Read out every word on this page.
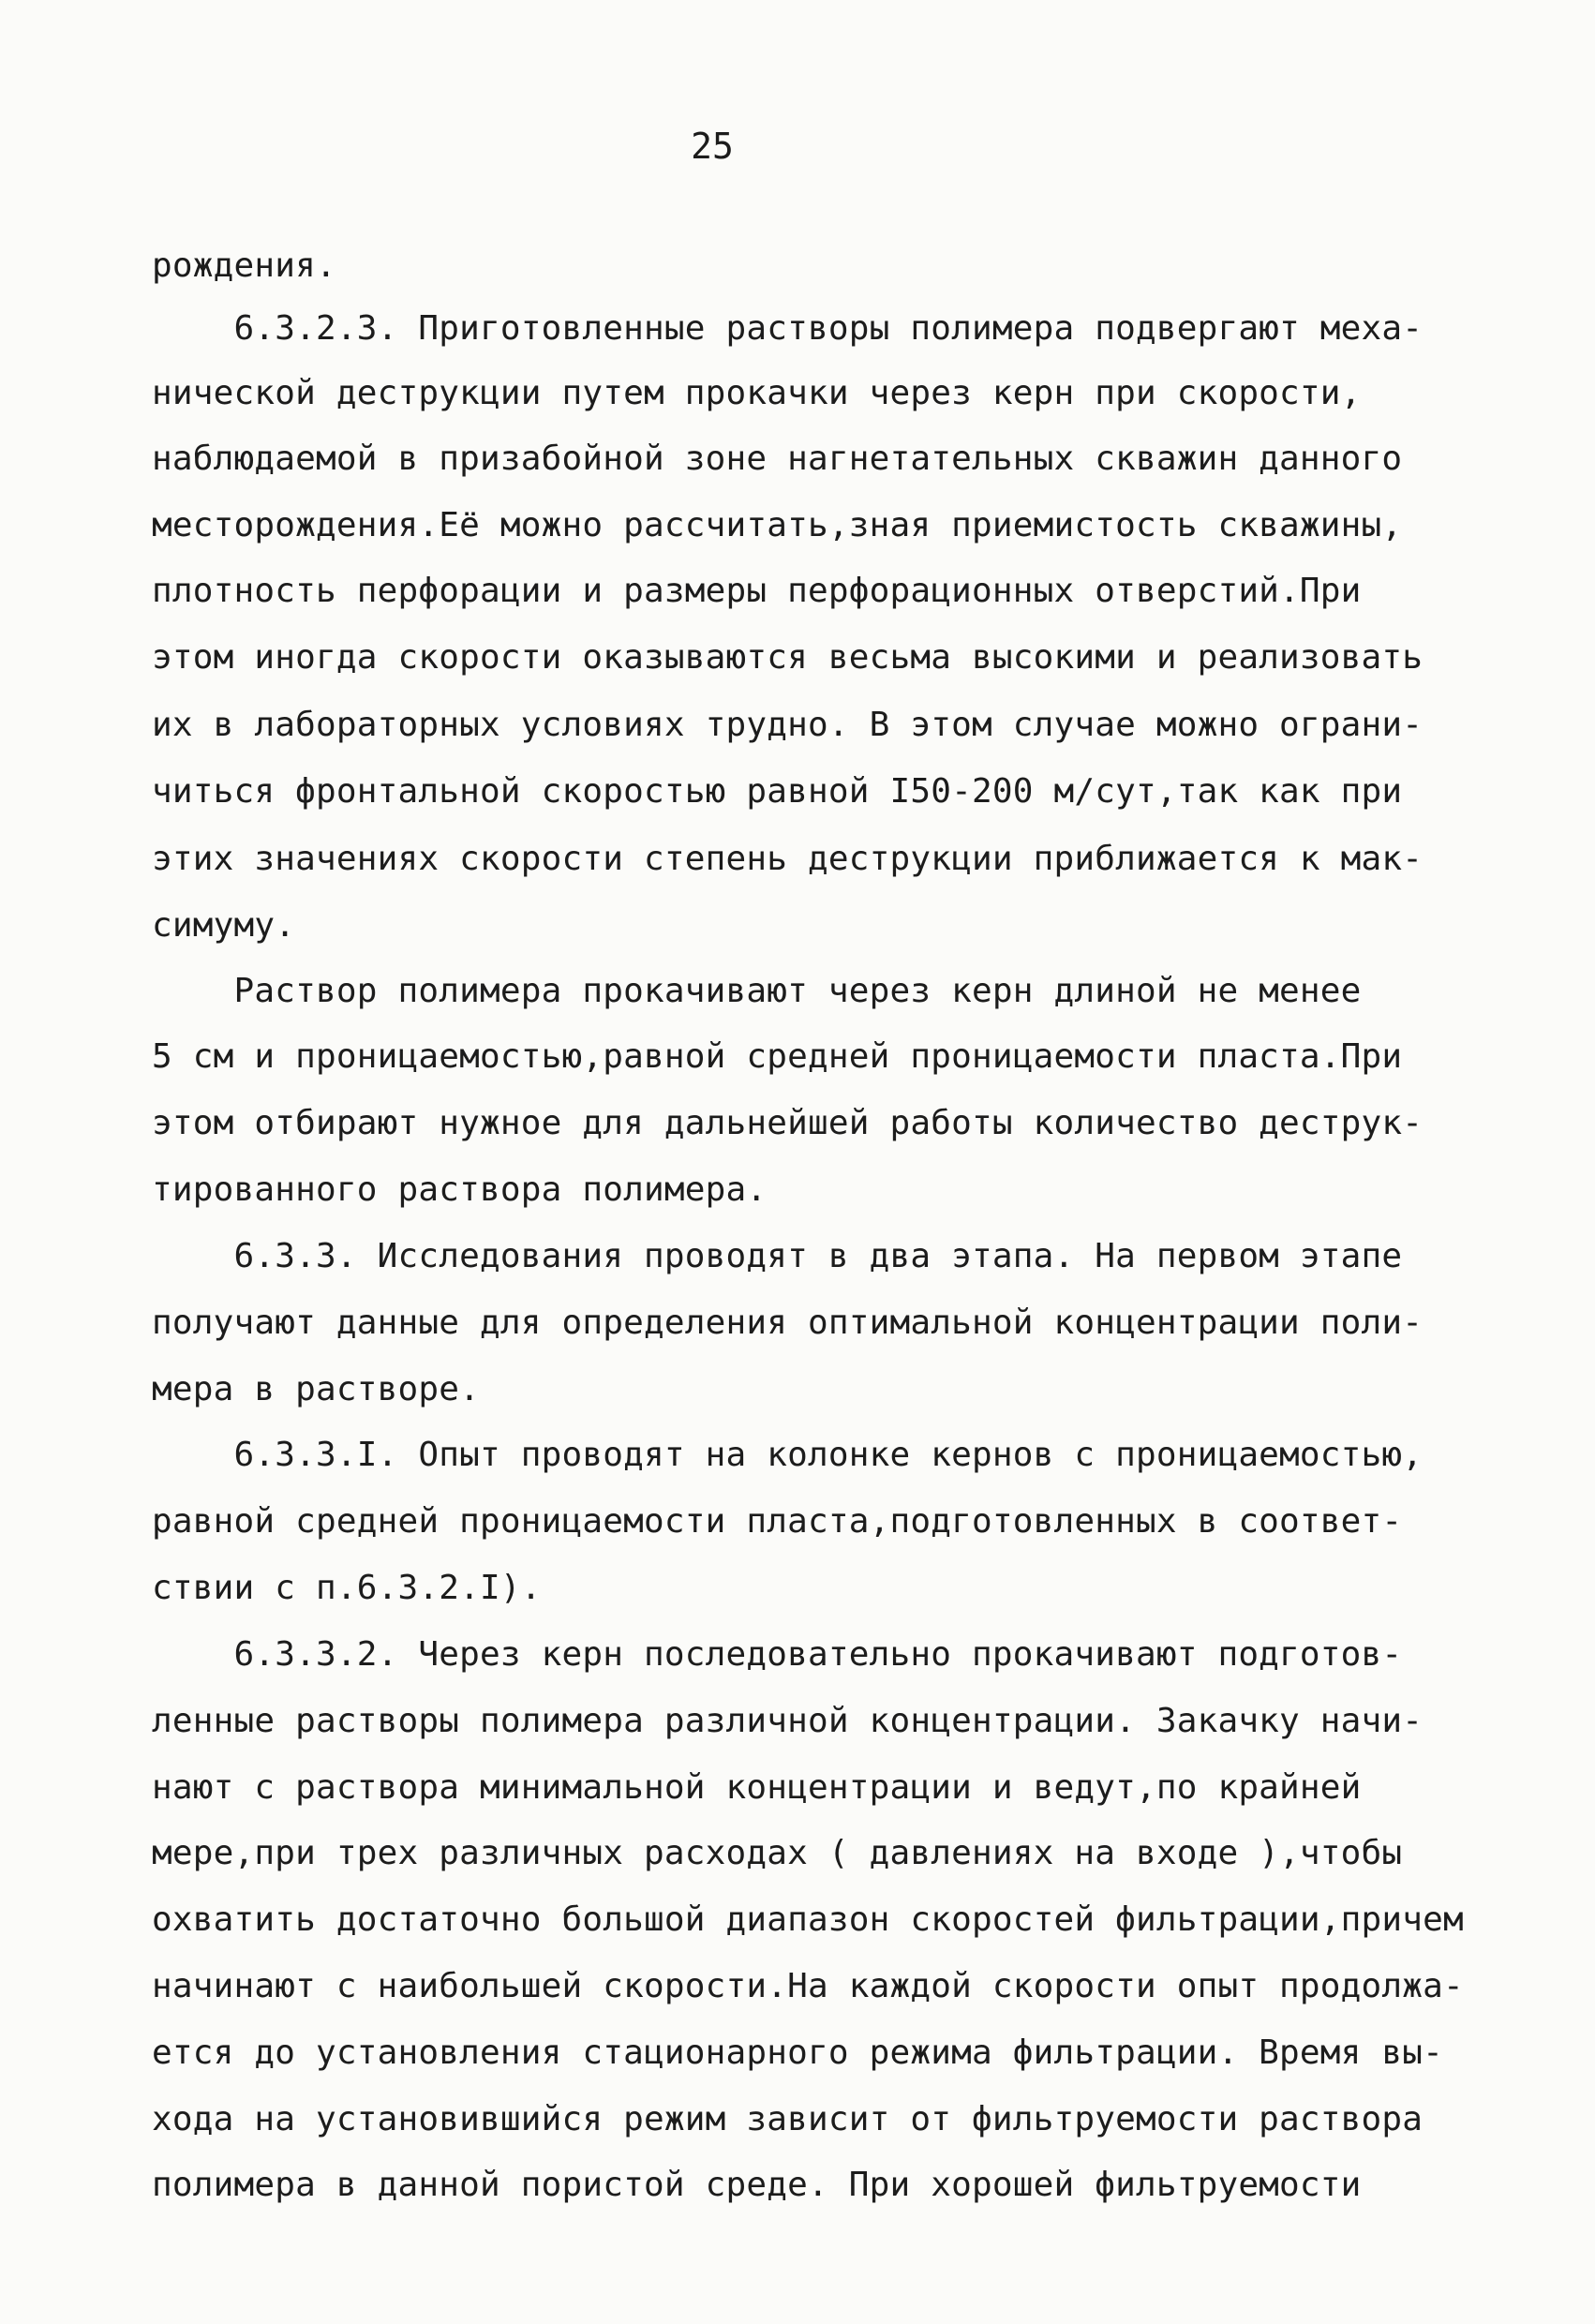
25
рождения.
6.3.2.3. Приготовленные растворы полимера подвергают меха-
нической деструкции путем прокачки через керн при скорости,
наблюдаемой в призабойной зоне нагнетательных скважин данного
месторождения.Её можно рассчитать,зная приемистость скважины,
плотность перфорации и размеры перфорационных отверстий.При
этом иногда скорости оказываются весьма высокими и реализовать
их в лабораторных условиях трудно. В этом случае можно ограни-
читься фронтальной скоростью равной I50-200 м/сут,так как при
этих значениях скорости степень деструкции приближается к мак-
симуму.
Раствор полимера прокачивают через керн длиной не менее
5 см и проницаемостью,равной средней проницаемости пласта.При
этом отбирают нужное для дальнейшей работы количество деструк-
тированного раствора полимера.
6.3.3. Исследования проводят в два этапа. На первом этапе
получают данные для определения оптимальной концентрации поли-
мера в растворе.
6.3.3.I. Опыт проводят на колонке кернов с проницаемостью,
равной средней проницаемости пласта,подготовленных в соответ-
ствии с п.6.3.2.I).
6.3.3.2. Через керн последовательно прокачивают подготов-
ленные растворы полимера различной концентрации. Закачку начи-
нают с раствора минимальной концентрации и ведут,по крайней
мере,при трех различных расходах ( давлениях на входе ),чтобы
охватить достаточно большой диапазон скоростей фильтрации,причем
начинают с наибольшей скорости.На каждой скорости опыт продолжа-
ется до установления стационарного режима фильтрации. Время вы-
хода на установившийся режим зависит от фильтруемости раствора
полимера в данной пористой среде. При хорошей фильтруемости
